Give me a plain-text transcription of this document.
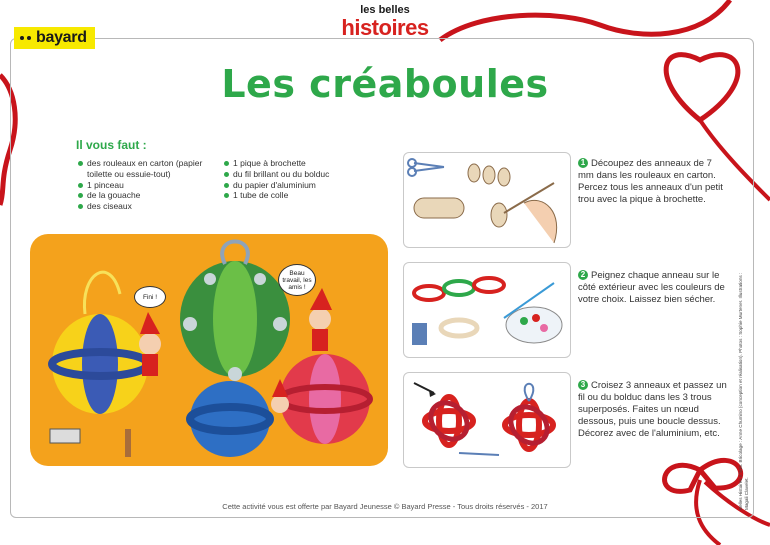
bayard
les belles
histoires
Les créaboules
Il vous faut :
des rouleaux en carton (papier toilette ou essuie-tout)
1 pinceau
de la gouache
des ciseaux
1 pique à brochette
du fil brillant ou du bolduc
du papier d'aluminium
1 tube de colle
Fini !
Beau travail, les amis !
1 Découpez des anneaux de 7 mm dans les rouleaux en carton. Percez tous les anneaux d'un petit trou avec la pique à brochette.
2 Peignez chaque anneau sur le côté extérieur avec les couleurs de votre choix. Laissez bien sécher.
3 Croisez 3 anneaux et passez un fil ou du bolduc dans les 3 trous superposés. Faites un nœud dessous, puis une boucle dessus. Décorez avec de l'aluminium, etc.	Belles Histoires n°516. Bricolage : Anne Chumino (conception et réalisation). Photos : Sophie Murtener. Illustrations : Magali Clavelet.
Cette activité vous est offerte par Bayard Jeunesse © Bayard Presse - Tous droits réservés - 2017
